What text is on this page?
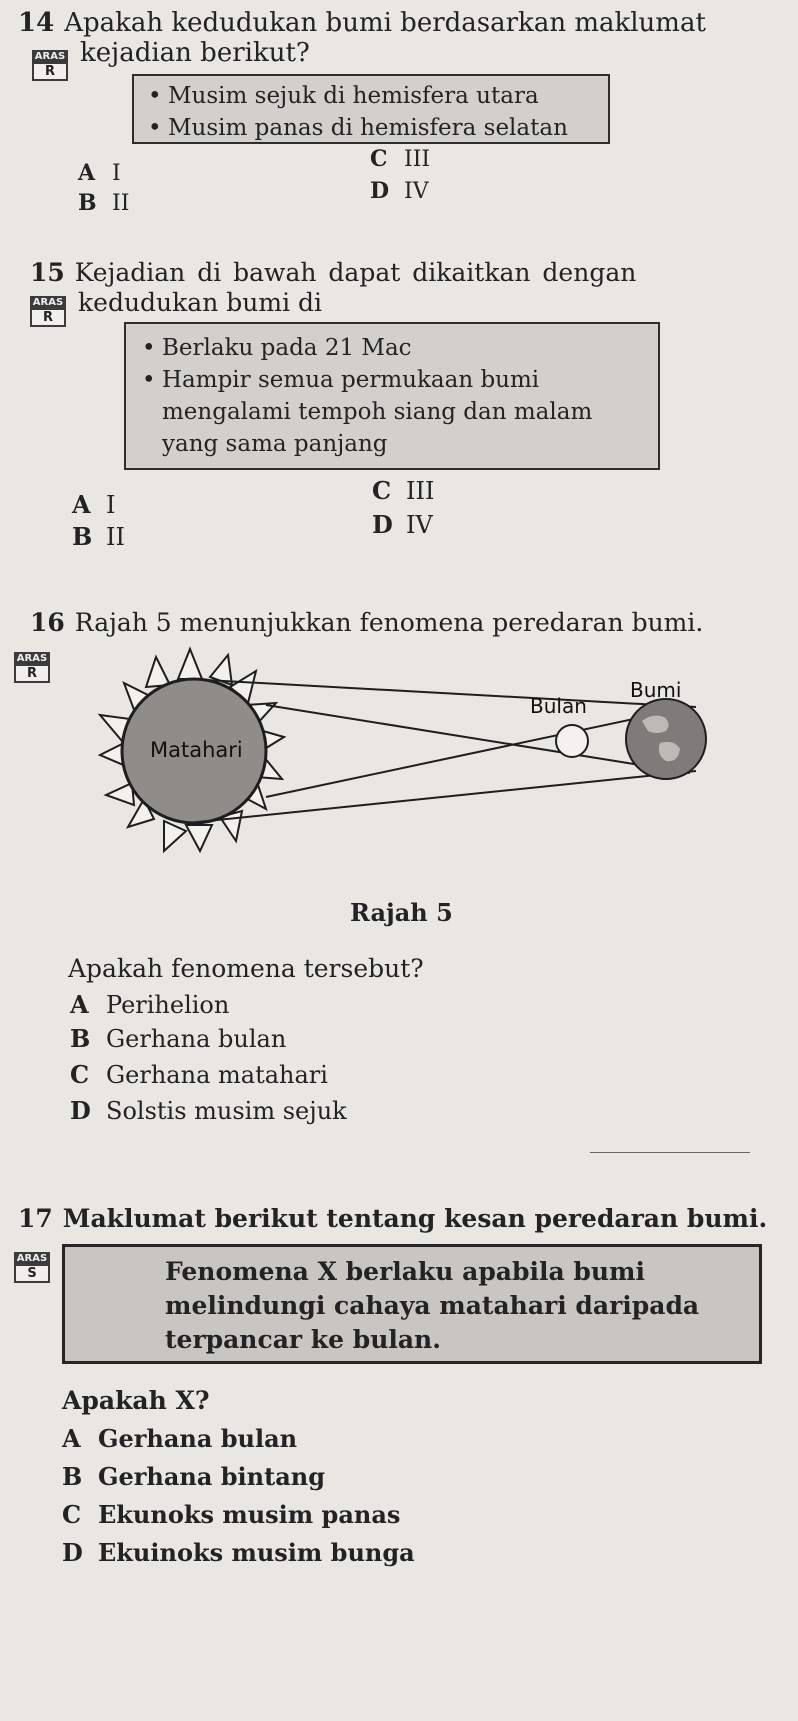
14 Apakah kedudukan bumi berdasarkan maklumat
ARAS
R
kejadian berikut?
• Musim sejuk di hemisfera utara
• Musim panas di hemisfera selatan
A I
B II
C III
D IV
15 Kejadian di bawah dapat dikaitkan dengan
ARAS
R
kedudukan bumi di
• Berlaku pada 21 Mac
• Hampir semua permukaan bumi mengalami tempoh siang dan malam yang sama panjang
A I
B II
C III
D IV
16 Rajah 5 menunjukkan fenomena peredaran bumi.
ARAS
R
Matahari
Bulan
Bumi
Rajah 5
Apakah fenomena tersebut?
A Perihelion
B Gerhana bulan
C Gerhana matahari
D Solstis musim sejuk
17 Maklumat berikut tentang kesan peredaran bumi.
ARAS
S	Fenomena X berlaku apabila bumi melindungi cahaya matahari daripada terpancar ke bulan.
Apakah X?
A Gerhana bulan
B Gerhana bintang
C Ekunoks musim panas
D Ekuinoks musim bunga
